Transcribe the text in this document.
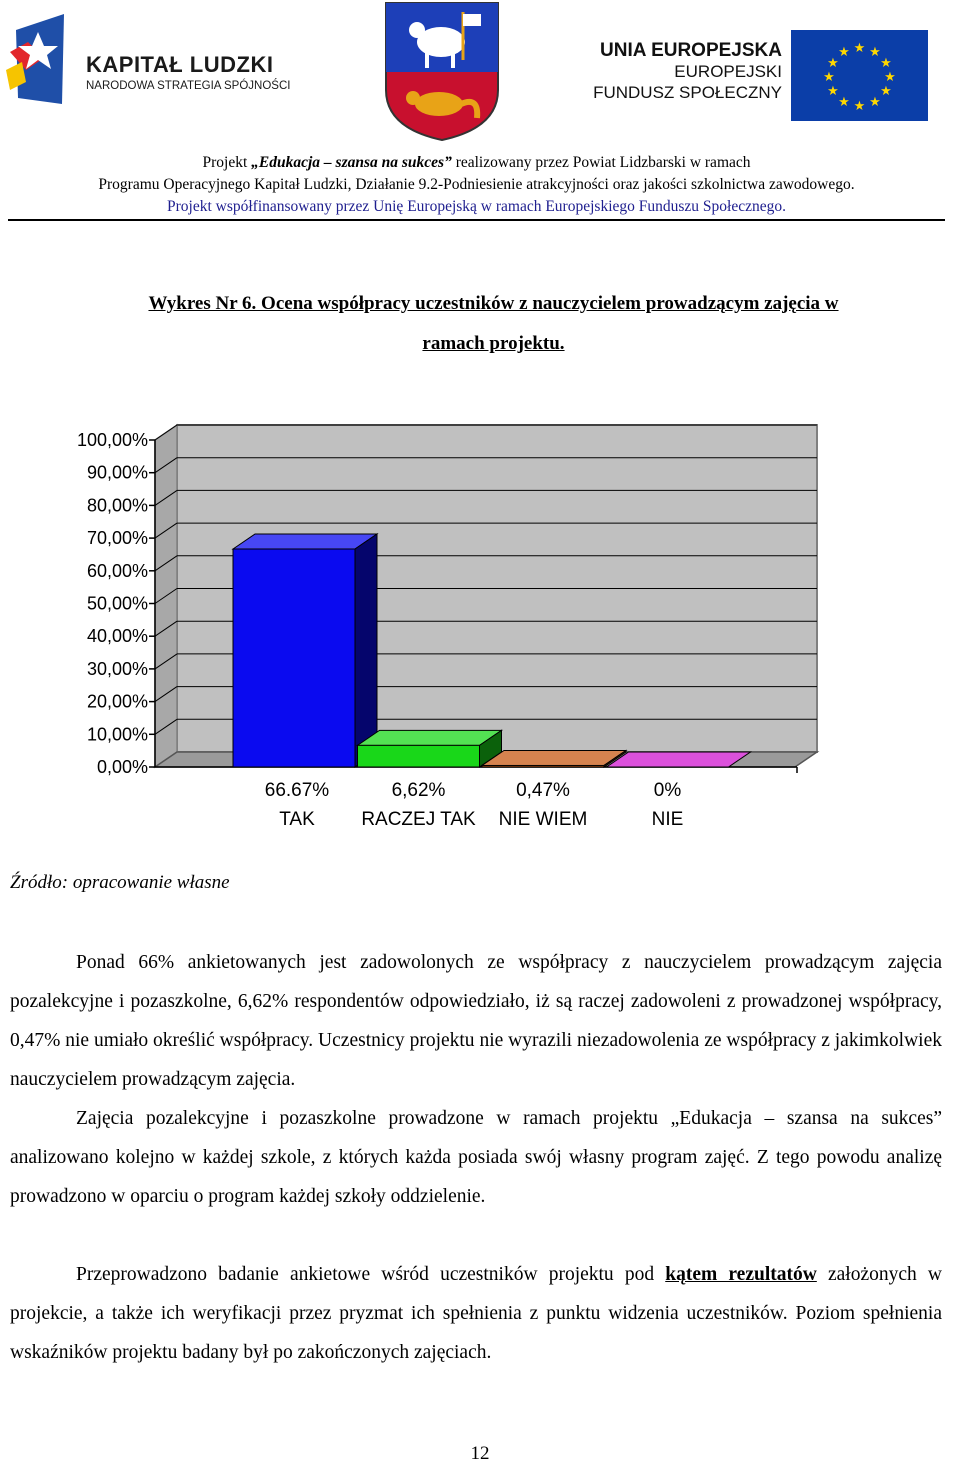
KAPITAŁ LUDZKI
NARODOWA STRATEGIA SPÓJNOŚCI
UNIA EUROPEJSKA
EUROPEJSKI
FUNDUSZ SPOŁECZNY
★ ★
★
★
★
★
★
★
★
★
★
★
Projekt „Edukacja – szansa na sukces” realizowany przez Powiat Lidzbarski w ramach
Programu Operacyjnego Kapitał Ludzki, Działanie 9.2-Podniesienie atrakcyjności oraz jakości szkolnictwa zawodowego.
Projekt współfinansowany przez Unię Europejską w ramach Europejskiego Funduszu Społecznego.
Wykres Nr 6. Ocena współpracy uczestników z nauczycielem prowadzącym zajęcia w
ramach projektu.
0,00%
10,00%
20,00%
30,00%
40,00%
50,00%
60,00%
70,00%
80,00%
90,00%
100,00%
66.67%
TAK
6,62%
RACZEJ TAK
0,47%
NIE WIEM
0%
NIE
Źródło: opracowanie własne
Ponad 66% ankietowanych jest zadowolonych ze współpracy z nauczycielem prowadzącym zajęcia pozalekcyjne i pozaszkolne, 6,62% respondentów odpowiedziało, iż są raczej zadowoleni z prowadzonej współpracy, 0,47% nie umiało określić współpracy. Uczestnicy projektu nie wyrazili niezadowolenia ze współpracy z jakimkolwiek nauczycielem prowadzącym zajęcia.
Zajęcia pozalekcyjne i pozaszkolne prowadzone w ramach projektu „Edukacja – szansa na sukces” analizowano kolejno w każdej szkole, z których każda posiada swój własny program zajęć. Z tego powodu analizę prowadzono w oparciu o program każdej szkoły oddzielenie.
Przeprowadzono badanie ankietowe wśród uczestników projektu pod kątem rezultatów założonych w projekcie, a także ich weryfikacji przez pryzmat ich spełnienia z punktu widzenia uczestników. Poziom spełnienia wskaźników projektu badany był po zakończonych zajęciach.
12
